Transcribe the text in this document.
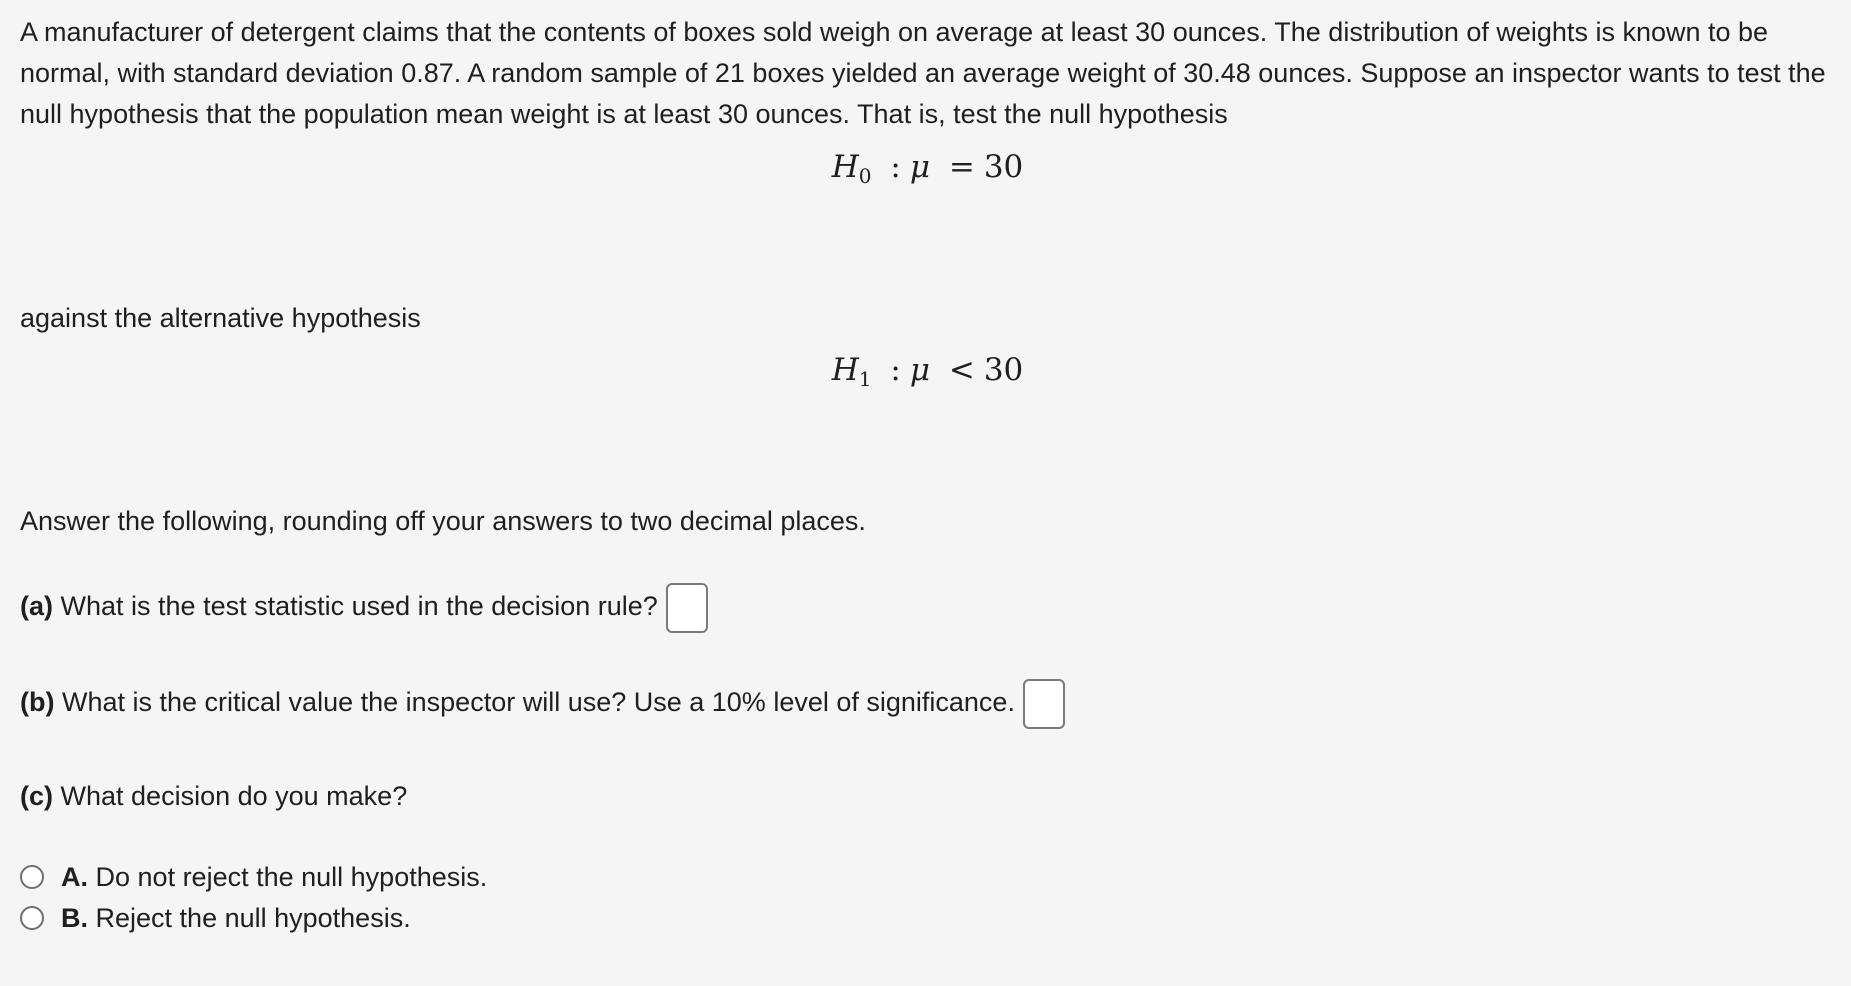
A manufacturer of detergent claims that the contents of boxes sold weigh on average at least 30 ounces. The distribution of weights is known to be normal, with standard deviation 0.87. A random sample of 21 boxes yielded an average weight of 30.48 ounces. Suppose an inspector wants to test the null hypothesis that the population mean weight is at least 30 ounces. That is, test the null hypothesis

$H_0$ : μ = 30

against the alternative hypothesis

$H_1$ : μ < 30

Answer the following, rounding off your answers to two decimal places.

(a) What is the test statistic used in the decision rule?

(b) What is the critical value the inspector will use? Use a 10% level of significance.

(c) What decision do you make?

A.
Do not reject the null hypothesis.
B.
Reject the null hypothesis.
